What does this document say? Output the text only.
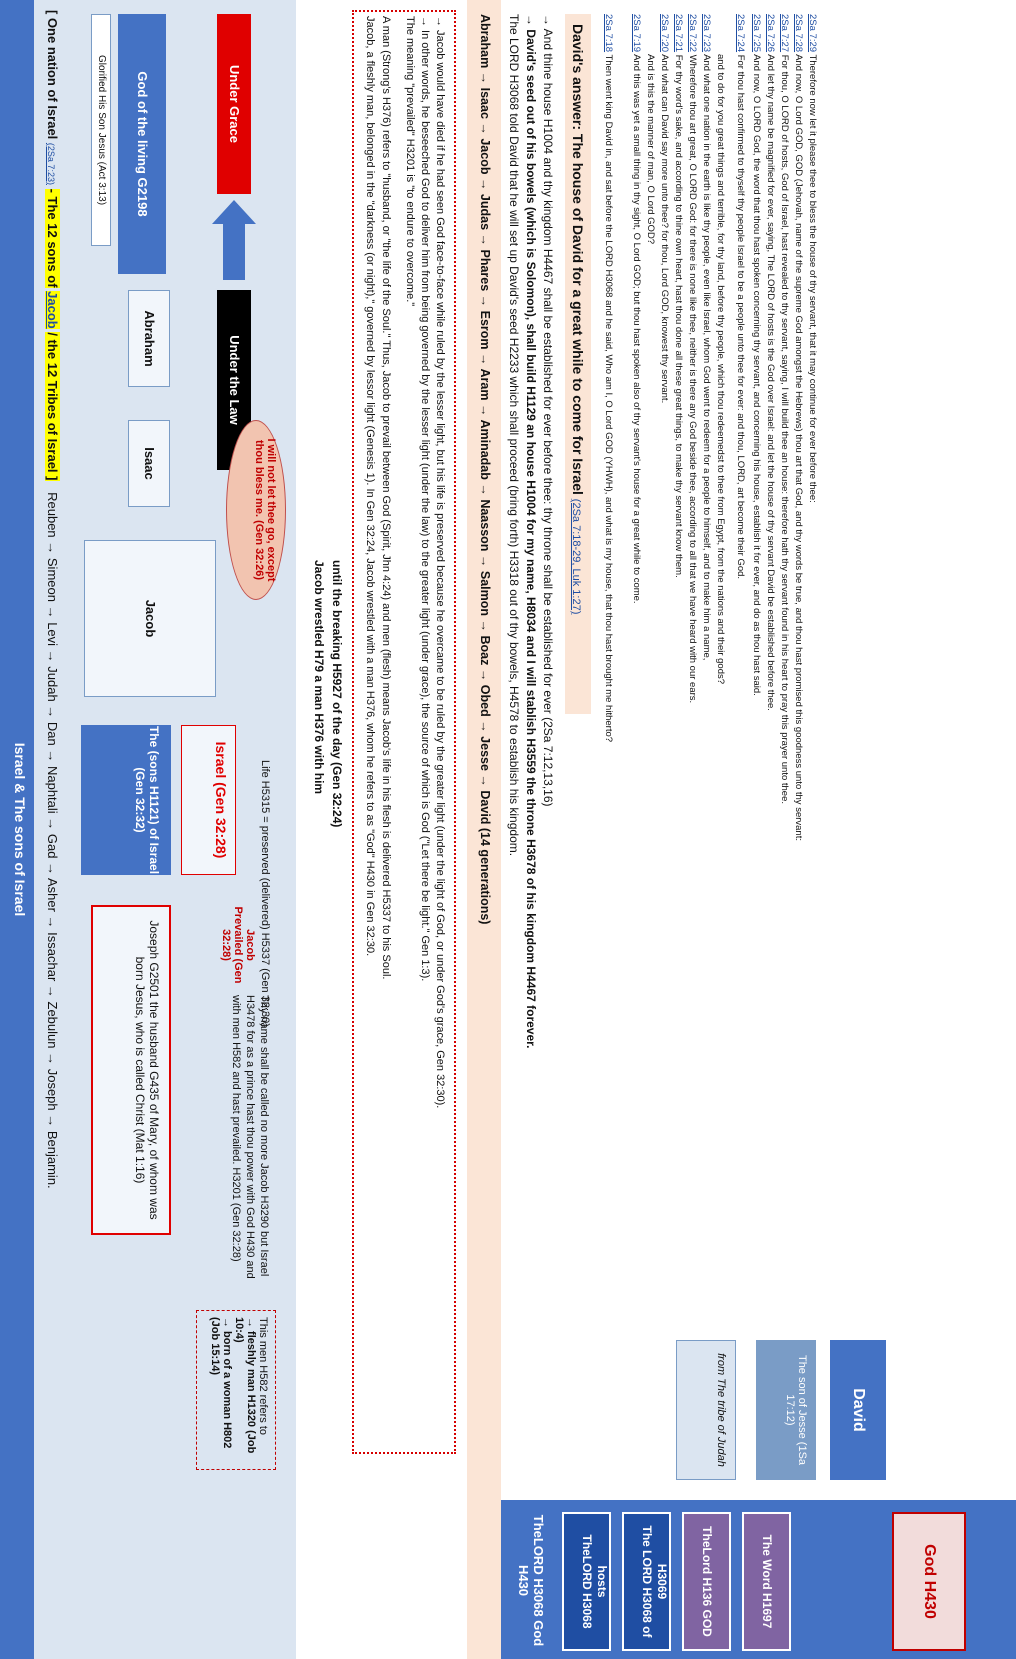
Israel & The sons of Israel
[ One nation of Israel (2Sa 7:23) - The 12 sons of Jacob / the 12 Tribes of Israel ] Reuben → Simeon → Levi → Judah → Dan → Naphtali → Gad → Asher → Issachar → Zebulun → Joseph → Benjamin.
Glorified His Son Jesus (Act 3:13)	God of the living G2198
Abraham
Isaac
Jacob
The (sons H1121) of Israel (Gen 32:32)	Israel (Gen 32:28)
Joseph G2501 the husband G435 of Mary, of whom was born Jesus, who is called Christ (Mat 1:16)
Under the Law
Under Grace
I will not let thee go, except thou bless me. (Gen 32:26)
Life H5315 = preserved (delivered) H5337 (Gen 32:30)
Jacob Prevailed (Gen 32:28)
Thy name shall be called no more Jacob H3290 but Israel H3478 for as a prince hast thou power with God H430 and with men H582 and hast prevailed. H3201 (Gen 32:28)
This men H582 refers to
→ fleshly man H1320 (Job 10:4)
→ born of a woman H802 (Job 15:14)
Jacob wrestled H79 a man H376 with him until the breaking H5927 of the day (Gen 32:24) Jacob, a fleshly man, belonged in the "darkness (or night)," governed by lessor light (Genesis 1). In Gen 32:24, Jacob wrestled with a man H376, whom he refers to as "God" H430 in Gen 32:30. A man (Strong's H376) refers to "husband, or "the life of the Soul." Thus, Jacob to prevail between God (Spirit, Jhn 4:24) and men (flesh) means Jacob's life in his flesh is delivered H5337 to his Soul. The meaning "prevailed" H3201 is "to endure to overcome." → In other words, he beseeched God to deliver him from being governed by the lesser light (under the law) to the greater light (under grace), the source of which is God ("Let there be light." Gen 1:3). → Jacob would have died if he had seen God face-to-face while ruled by the lesser light, but his life is preserved because he overcame to be ruled by the greater light (under the light of God, or under God's grace, Gen 32:30).	Abraham → Isaac → Jacob → Judas → Phares → Esrom → Aram → Aminadab → Naasson → Salmon → Boaz → Obed → Jesse → David (14 generations) The LORD H3068 told David that he will set up David's seed H2233 which shall proceed (bring forth) H3318 out of thy bowels, H4578 to establish his kingdom. → David's seed out of his bowels (which is Solomon), shall build H1129 an house H1004 for my name, H8034 and I will stablish H3559 the throne H3678 of his kingdom H4467 forever. → And thine house H1004 and thy kingdom H4467 shall be established for ever before thee: thy throne shall be established for ever (2Sa 7:12,13,16) David's answer: The house of David for a great while to come for Israel (2Sa 7:18-29, Luk 1:27)
2Sa 7:18 Then went king David in, and sat before the LORD H3068 and he said, Who am I, O Lord GOD (YHWH), and what is my house, that thou hast brought me hitherto?
2Sa 7:19 And this was yet a small thing in thy sight, O Lord GOD; but thou hast spoken also of thy servant's house for a great while to come. And is this the manner of man, O Lord GOD?
2Sa 7:20 And what can David say more unto thee? for thou, Lord GOD, knowest thy servant.
2Sa 7:21 For thy word's sake, and according to thine own heart, hast thou done all these great things, to make thy servant know them.
2Sa 7:22 Wherefore thou art great, O LORD God: for there is none like thee, neither is there any God beside thee, according to all that we have heard with our ears.
2Sa 7:23 And what one nation in the earth is like thy people, even like Israel, whom God went to redeem for a people to himself, and to make him a name, and to do for you great things and terrible, for thy land, before thy people, which thou redeemedst to thee from Egypt, from the nations and their gods?
2Sa 7:24 For thou hast confirmed to thyself thy people Israel to be a people unto thee for ever: and thou, LORD, art become their God.
2Sa 7:25 And now, O LORD God, the word that thou hast spoken concerning thy servant, and concerning his house, establish it for ever, and do as thou hast said.
2Sa 7:26 And let thy name be magnified for ever, saying, The LORD of hosts is the God over Israel: and let the house of thy servant David be established before thee.
2Sa 7:27 For thou, O LORD of hosts, God of Israel, hast revealed to thy servant, saying, I will build thee an house: therefore hath thy servant found in his heart to pray this prayer unto thee.
2Sa 7:28 And now, O Lord GOD, GOD (Jehovah, name of the supreme God amongst the Hebrews) thou art that God, and thy words be true, and thou hast promised this goodness unto thy servant:
2Sa 7:29 Therefore now let it please thee to bless the house of thy servant, that it may continue for ever before thee:
from The tribe of Judah	The son of Jesse (1Sa 17:12)	David
TheLORD H3068 God H430	TheLORD H3068
The H3068 of hosts	TheLord H136 GOD H3069	The Word H1697	God H430
